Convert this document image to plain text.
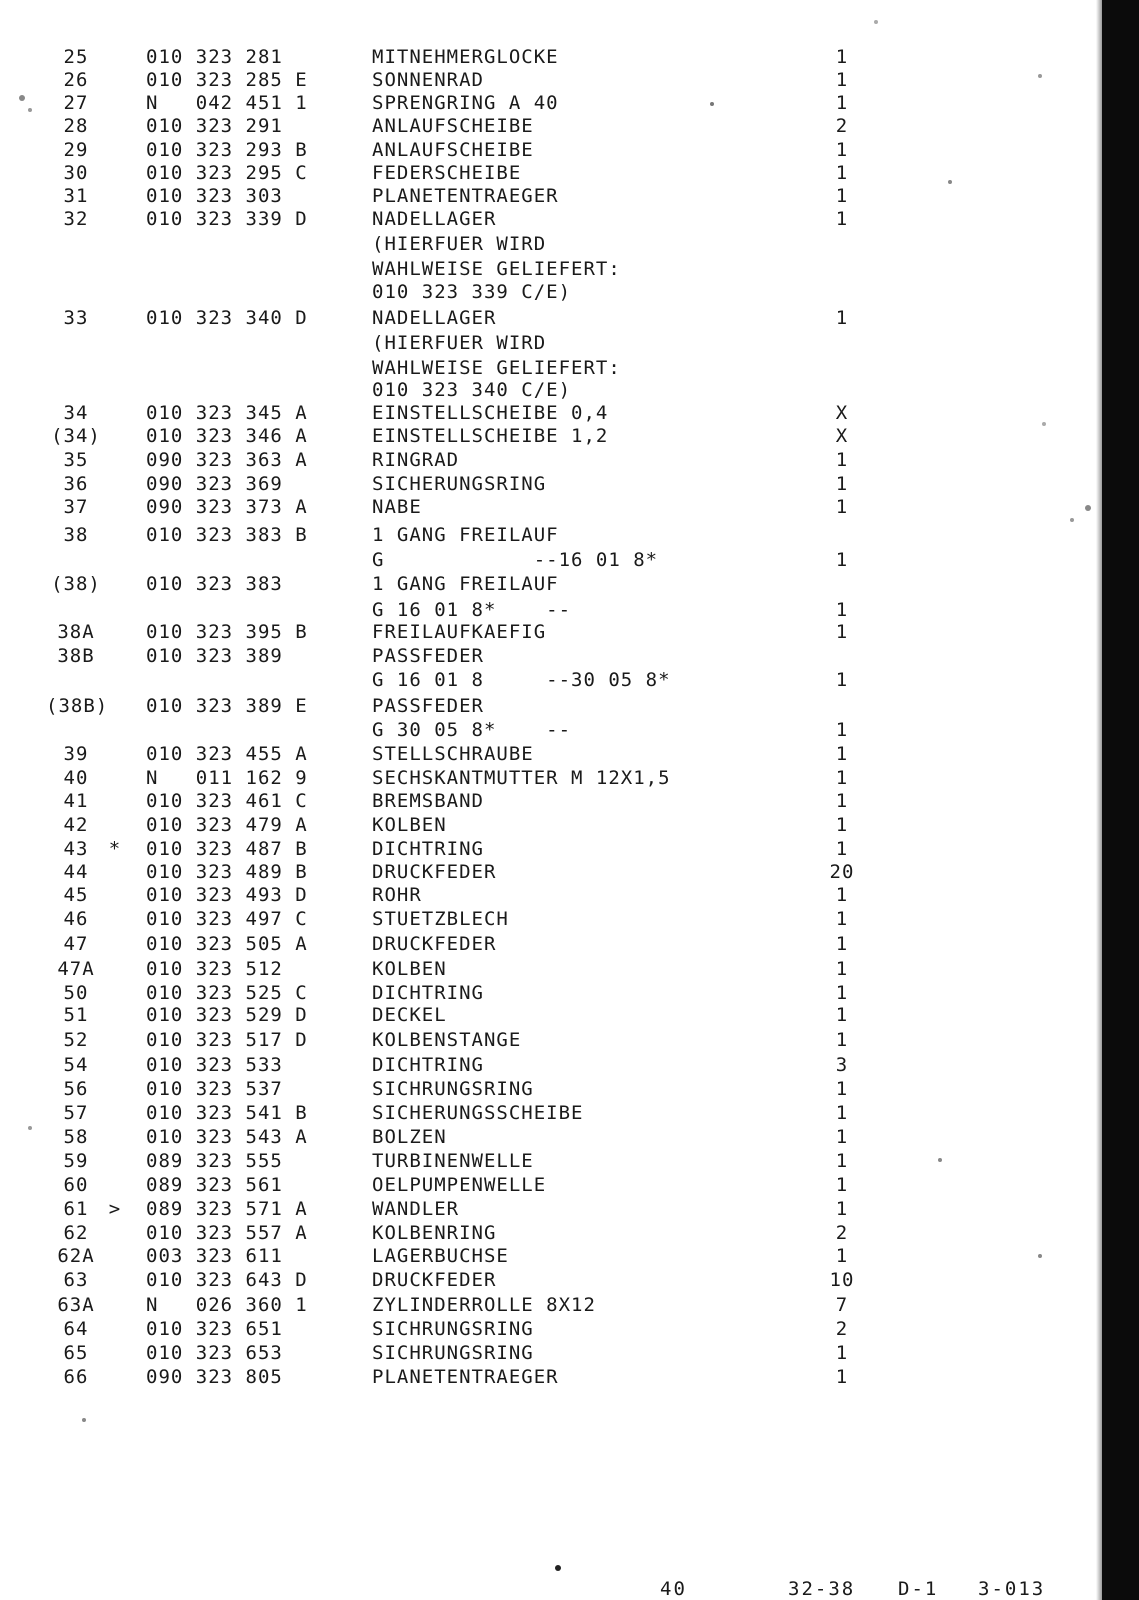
25	010 323 281	MITNEHMERGLOCKE	1
26	010 323 285 E	SONNENRAD	1
27	N   042 451 1	SPRENGRING A 40	1
28	010 323 291	ANLAUFSCHEIBE	2
29	010 323 293 B	ANLAUFSCHEIBE	1
30	010 323 295 C	FEDERSCHEIBE	1
31	010 323 303	PLANETENTRAEGER	1
32	010 323 339 D	NADELLAGER	1
(HIERFUER WIRD
WAHLWEISE GELIEFERT:
010 323 339 C/E)
33	010 323 340 D	NADELLAGER	1
(HIERFUER WIRD
WAHLWEISE GELIEFERT:
010 323 340 C/E)
34	010 323 345 A	EINSTELLSCHEIBE 0,4	X
(34) 010 323 346 A	EINSTELLSCHEIBE 1,2	X
35	090 323 363 A	RINGRAD	1
36	090 323 369	SICHERUNGSRING	1
37	090 323 373 A	NABE	1
38	010 323 383 B	1 GANG FREILAUF
G            --16 01 8*	1
(38) 010 323 383	1 GANG FREILAUF
G 16 01 8*    --	1
38A	010 323 395 B	FREILAUFKAEFIG	1
38B	010 323 389	PASSFEDER
G 16 01 8     --30 05 8*	1
(38B) 010 323 389 E	PASSFEDER
G 30 05 8*    --	1
39	010 323 455 A	STELLSCHRAUBE	1
40	N   011 162 9	SECHSKANTMUTTER M 12X1,5	1
41	010 323 461 C	BREMSBAND	1
42	010 323 479 A	KOLBEN	1
43	* 010 323 487 B	DICHTRING	1
44	010 323 489 B	DRUCKFEDER	20
45	010 323 493 D	ROHR	1
46	010 323 497 C	STUETZBLECH	1
47	010 323 505 A	DRUCKFEDER	1
47A	010 323 512	KOLBEN	1
50	010 323 525 C	DICHTRING	1
51	010 323 529 D	DECKEL	1
52	010 323 517 D	KOLBENSTANGE	1
54	010 323 533	DICHTRING	3
56	010 323 537	SICHRUNGSRING	1
57	010 323 541 B	SICHERUNGSSCHEIBE	1
58	010 323 543 A	BOLZEN	1
59	089 323 555	TURBINENWELLE	1
60	089 323 561	OELPUMPENWELLE	1
61	> 089 323 571 A	WANDLER	1
62	010 323 557 A	KOLBENRING	2
62A	003 323 611	LAGERBUCHSE	1
63	010 323 643 D	DRUCKFEDER	10
63A	N   026 360 1	ZYLINDERROLLE 8X12	7
64	010 323 651	SICHRUNGSRING	2
65	010 323 653	SICHRUNGSRING	1
66	090 323 805	PLANETENTRAEGER	1

40

	32-38

D-1

3-013
